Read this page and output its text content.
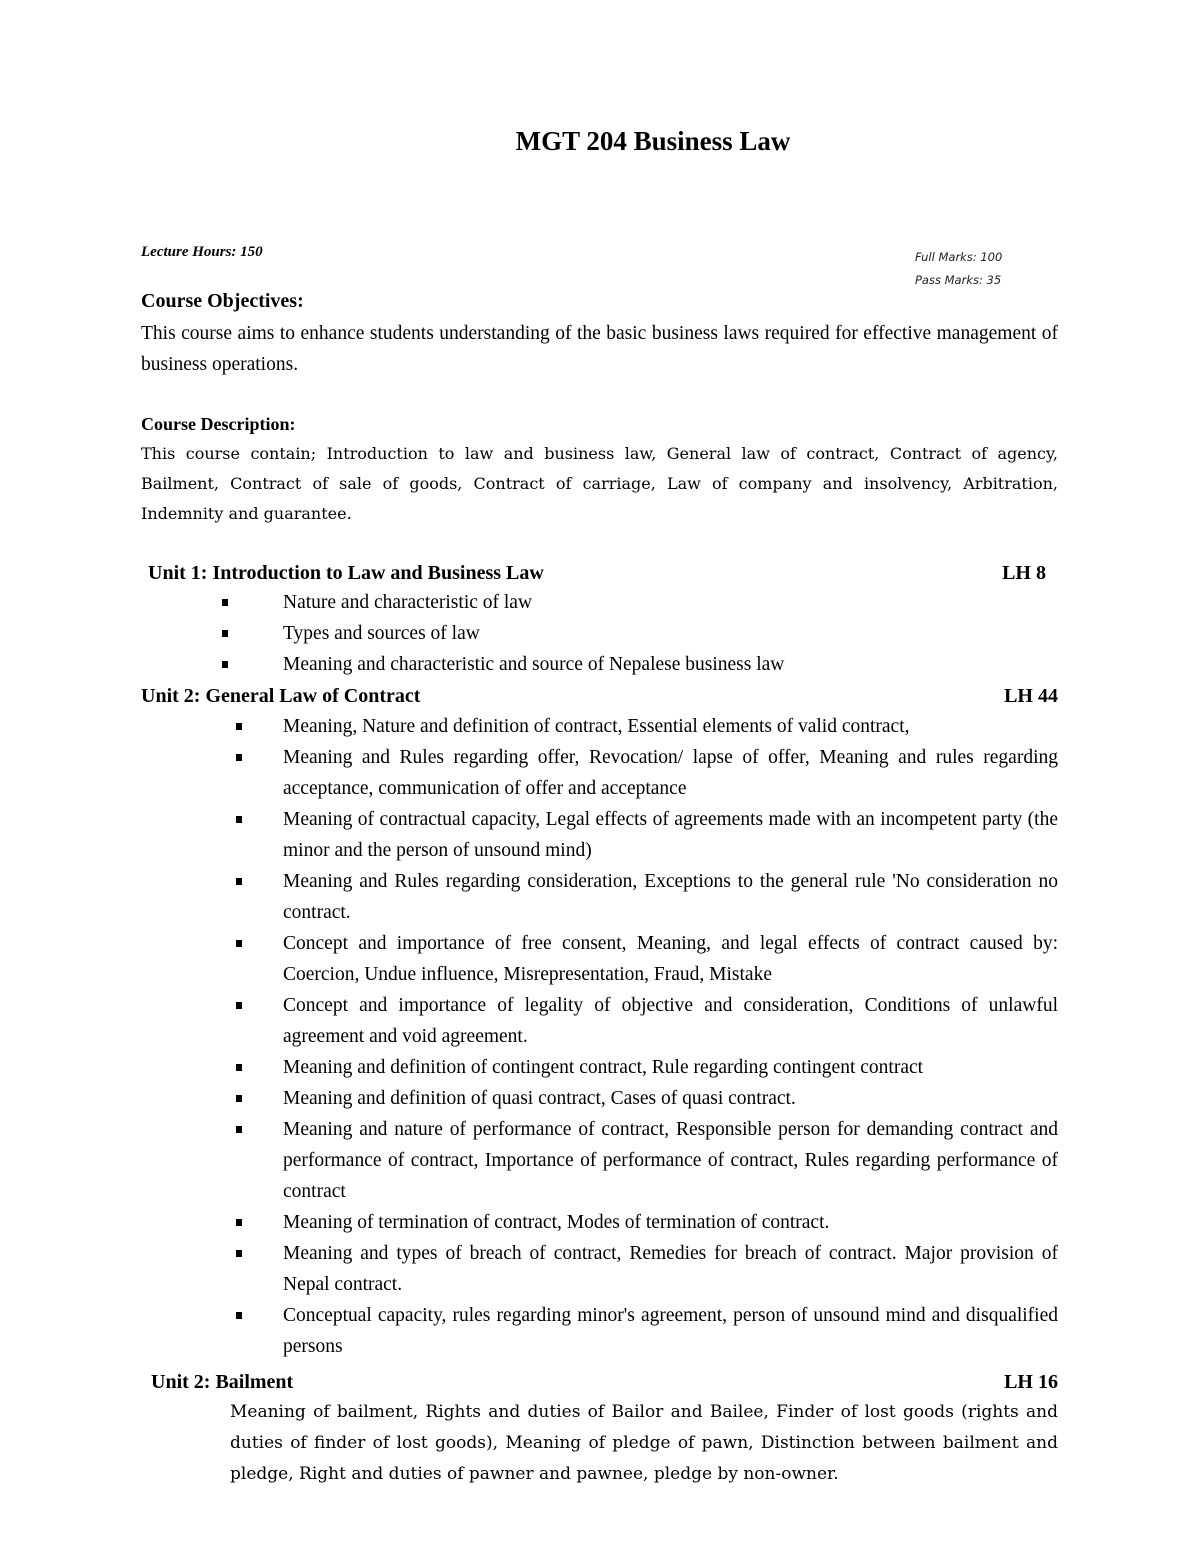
MGT 204 Business Law
Lecture Hours: 150	Full Marks: 100
Pass Marks: 35
Course Objectives:

This course aims to enhance students understanding of the basic business laws required for effective management of business operations.

Course Description:

This course contain; Introduction to law and business law, General law of contract, Contract of agency, Bailment, Contract of sale of goods, Contract of carriage, Law of company and insolvency, Arbitration, Indemnity and guarantee.

Unit 1: Introduction to Law and Business Law	LH 8
Nature and characteristic of law
Types and sources of law
Meaning and characteristic and source of Nepalese business law
Unit 2: General Law of Contract	LH 44
Meaning, Nature and definition of contract, Essential elements of valid contract,
Meaning and Rules regarding offer, Revocation/ lapse of offer, Meaning and rules regarding acceptance, communication of offer and acceptance
Meaning of contractual capacity, Legal effects of agreements made with an incompetent party (the minor and the person of unsound mind)
Meaning and Rules regarding consideration, Exceptions to the general rule 'No consideration no contract.
Concept and importance of free consent, Meaning, and legal effects of contract caused by: Coercion, Undue influence, Misrepresentation, Fraud, Mistake
Concept and importance of legality of objective and consideration, Conditions of unlawful agreement and void agreement.
Meaning and definition of contingent contract, Rule regarding contingent contract
Meaning and definition of quasi contract, Cases of quasi contract.
Meaning and nature of performance of contract, Responsible person for demanding contract and performance of contract, Importance of performance of contract, Rules regarding performance of contract
Meaning of termination of contract, Modes of termination of contract.
Meaning and types of breach of contract, Remedies for breach of contract. Major provision of Nepal contract.
Conceptual capacity, rules regarding minor's agreement, person of unsound mind and disqualified persons
Unit 2: Bailment	LH 16

Meaning of bailment, Rights and duties of Bailor and Bailee, Finder of lost goods (rights and duties of finder of lost goods), Meaning of pledge of pawn, Distinction between bailment and pledge, Right and duties of pawner and pawnee, pledge by non-owner.
